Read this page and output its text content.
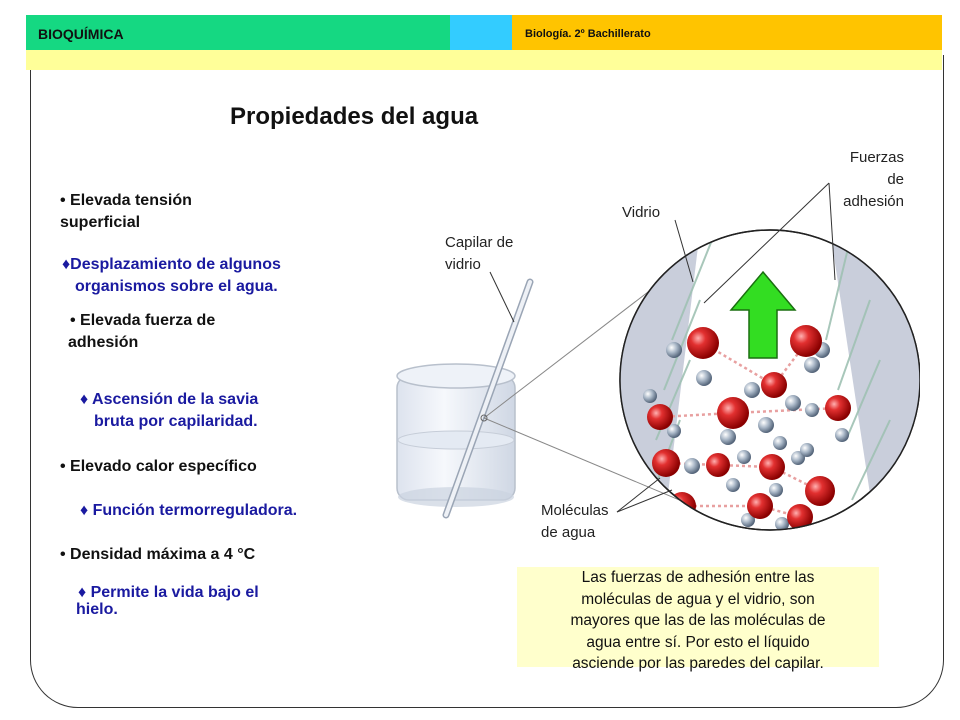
BIOQUÍMICA	Biología. 2º Bachillerato
Propiedades del agua
• Elevada tensión
superficial
♦Desplazamiento de algunos
organismos sobre el agua.
• Elevada fuerza de
adhesión
♦ Ascensión de la savia
bruta por capilaridad.
• Elevado calor específico
♦ Función termorreguladora.
• Densidad máxima a 4 °C
♦ Permite la vida bajo el
hielo.
Capilar de
vidrio
Vidrio
Fuerzas
de
adhesión
Moléculas
de agua
Las fuerzas de adhesión entre las
moléculas de agua y el vidrio, son
mayores que las de las moléculas de
agua entre sí. Por esto el líquido
asciende por las paredes del capilar.
